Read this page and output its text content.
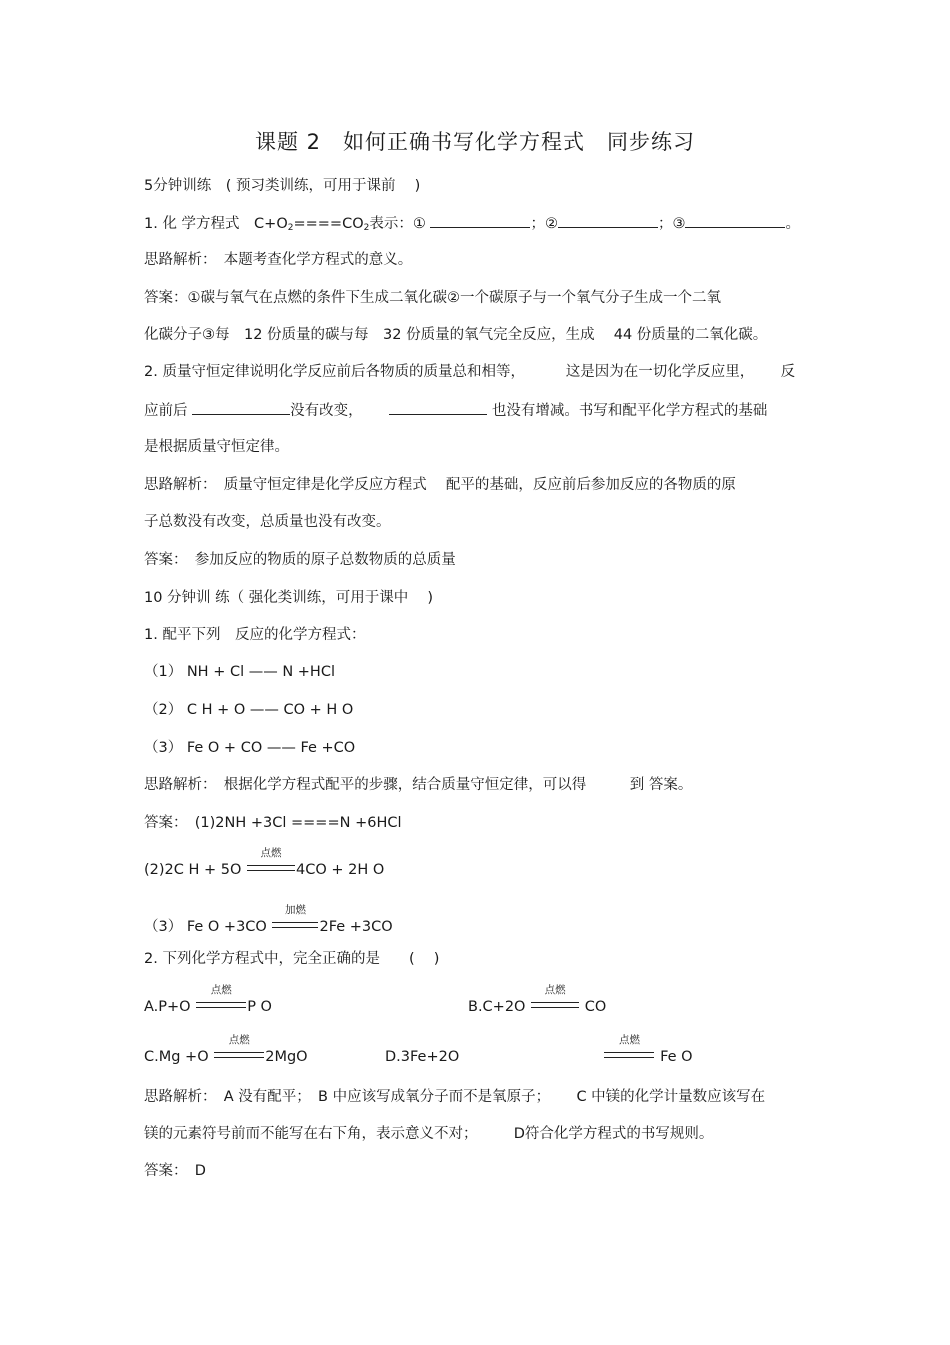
课题 2　如何正确书写化学方程式　同步练习
5分钟训练　( 预习类训练，可用于课前　 )
1. 化 学方程式　$C+O_2====CO_2$表示：①	；②	；③	。
思路解析：　本题考查化学方程式的意义。
答案：①碳与氧气在点燃的条件下生成二氧化碳②一个碳原子与一个氧气分子生成一个二氧
化碳分子③每　12 份质量的碳与每　32 份质量的氧气完全反应，生成　 44 份质量的二氧化碳。
2. 质量守恒定律说明化学反应前后各物质的质量总和相等，　　　 这是因为在一切化学反应里，　　 反
应前后	没有改变，	也没有增减。书写和配平化学方程式的基础
是根据质量守恒定律。
思路解析：　质量守恒定律是化学反应方程式　 配平的基础，反应前后参加反应的各物质的原
子总数没有改变，总质量也没有改变。
答案：　参加反应的物质的原子总数物质的总质量
10 分钟训 练（ 强化类训练，可用于课中　 )
1. 配平下列　反应的化学方程式：
（1） NH + Cl —— N +HCl
（2） C H + O —— CO + H O
（3） Fe O + CO —— Fe +CO
思路解析：　根据化学方程式配平的步骤，结合质量守恒定律，可以得　　　到 答案。
答案：　(1)2NH +3Cl ====N +6HCl
(2)2C H + 5O
点燃
4CO + 2H O
（3） Fe O +3CO
加燃
2Fe +3CO
2. 下列化学方程式中，完全正确的是　　(　 )
A.P+O
点燃
P O	B.C+2O
点燃
CO
C.Mg +O
点燃
2MgO	D.3Fe+2O
点燃
Fe O
思路解析：　A 没有配平；　B 中应该写成氧分子而不是氧原子；　　 C 中镁的化学计量数应该写在
镁的元素符号前而不能写在右下角，表示意义不对；　　　D符合化学方程式的书写规则。
答案：　D
